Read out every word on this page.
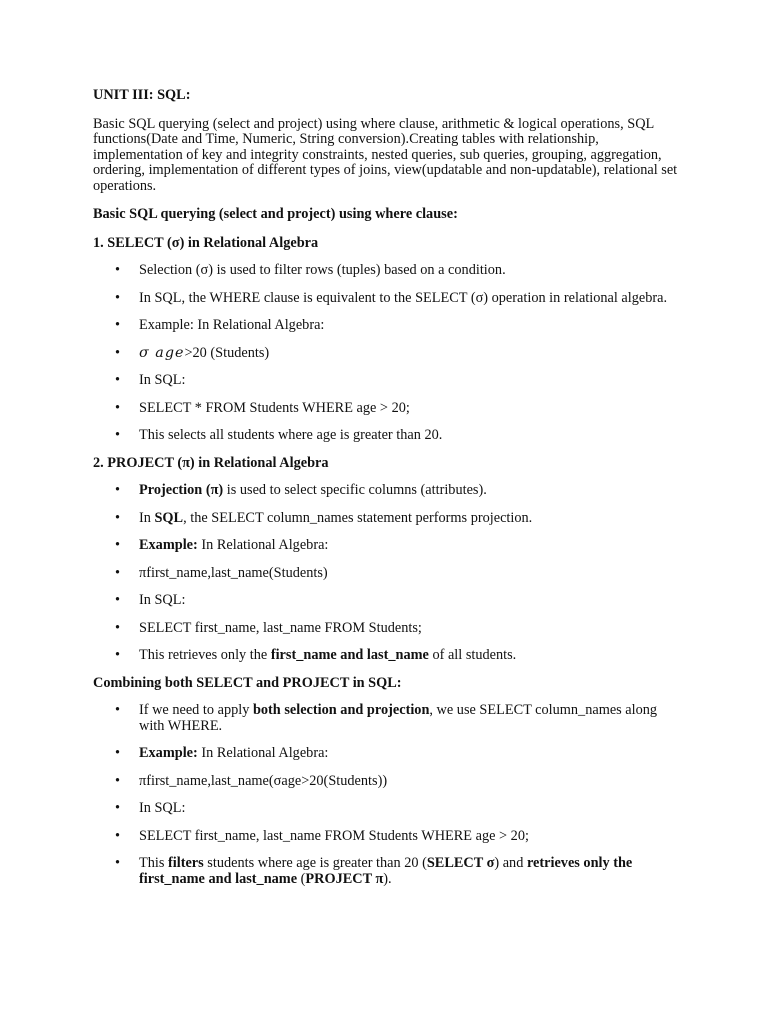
UNIT III: SQL:

Basic SQL querying (select and project) using where clause, arithmetic & logical operations, SQL functions(Date and Time, Numeric, String conversion).Creating tables with relationship, implementation of key and integrity constraints, nested queries, sub queries, grouping, aggregation, ordering, implementation of different types of joins, view(updatable and non-updatable), relational set operations.

Basic SQL querying (select and project) using where clause:

1. SELECT (σ) in Relational Algebra

• Selection (σ) is used to filter rows (tuples) based on a condition.
• In SQL, the WHERE clause is equivalent to the SELECT (σ) operation in relational algebra.
• Example: In Relational Algebra:
• σ age>20 (Students)
• In SQL:
• SELECT * FROM Students WHERE age > 20;
• This selects all students where age is greater than 20.

2. PROJECT (π) in Relational Algebra

• Projection (π) is used to select specific columns (attributes).
• In SQL, the SELECT column_names statement performs projection.
• Example: In Relational Algebra:
• πfirst_name,last_name(Students)
• In SQL:
• SELECT first_name, last_name FROM Students;
• This retrieves only the first_name and last_name of all students.

Combining both SELECT and PROJECT in SQL:

• If we need to apply both selection and projection, we use SELECT column_names along with WHERE.
• Example: In Relational Algebra:
• πfirst_name,last_name(σage>20(Students))
• In SQL:
• SELECT first_name, last_name FROM Students WHERE age > 20;
• This filters students where age is greater than 20 (SELECT σ) and retrieves only the first_name and last_name (PROJECT π).
